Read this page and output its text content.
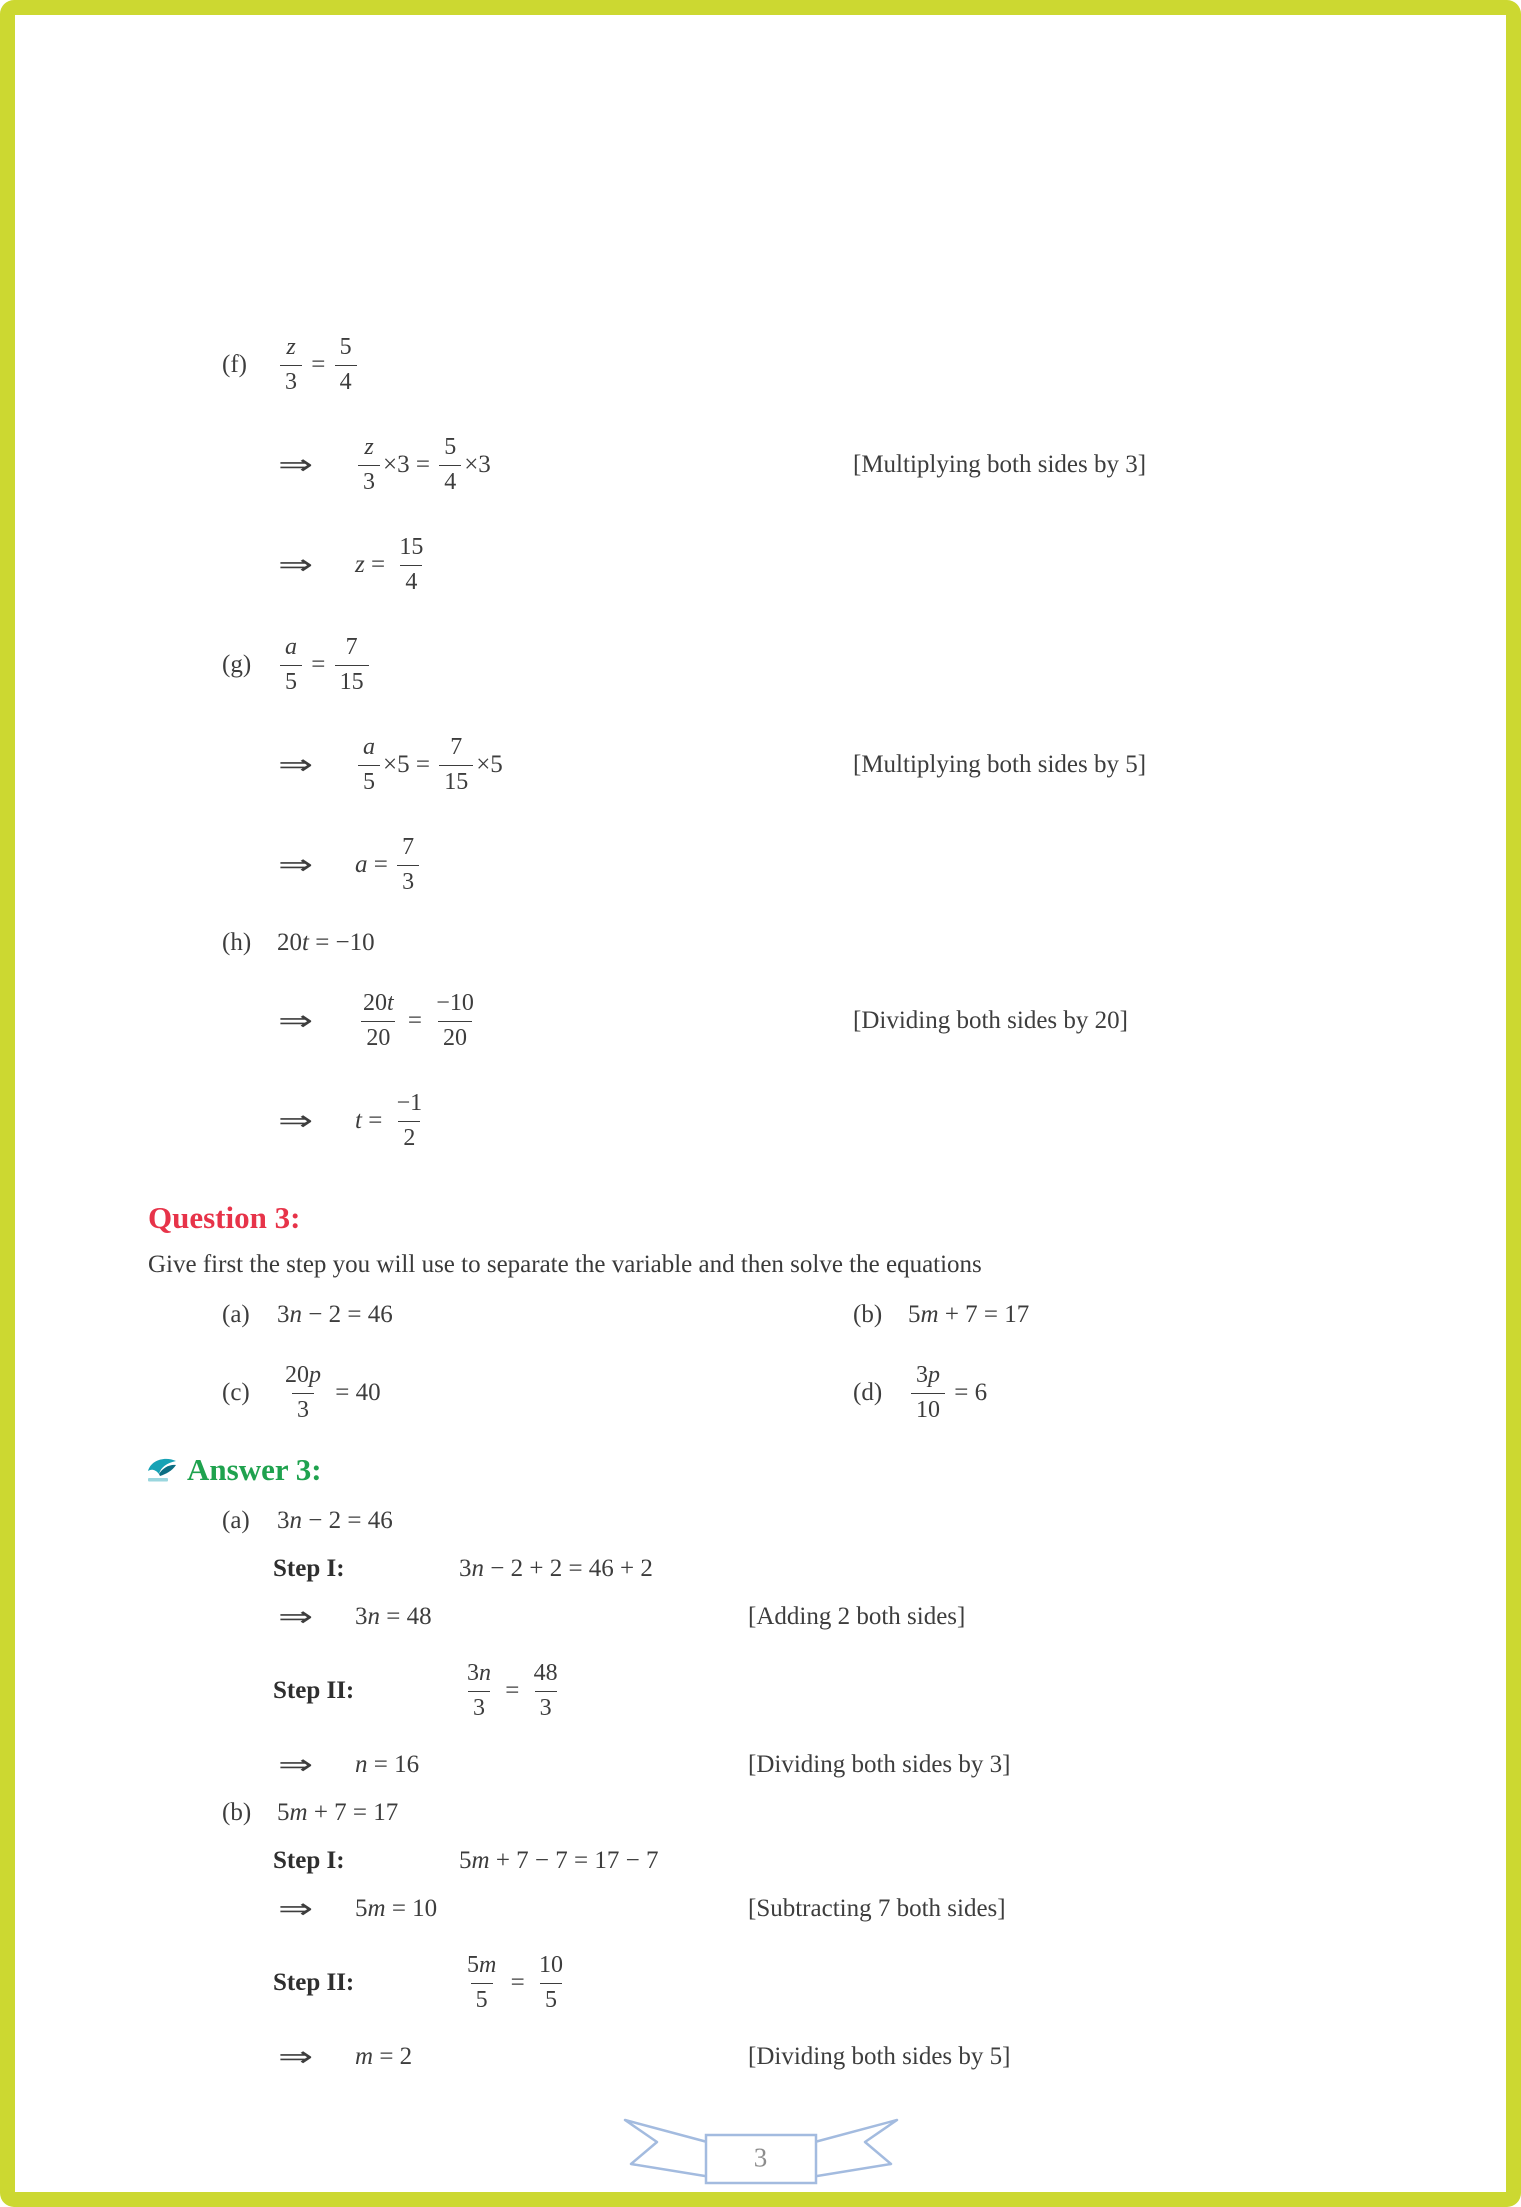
(f)	$\frac{z}{3} = \frac{5}{4}$
⇒	$\frac{z}{3} \times 3 = \frac{5}{4} \times 3$	[Multiplying both sides by 3]
⇒	$z = \frac{15}{4}$
(g)	$\frac{a}{5} = \frac{7}{15}$
⇒	$\frac{a}{5} \times 5 = \frac{7}{15} \times 5$	[Multiplying both sides by 5]
⇒	$a = \frac{7}{3}$
(h)	20 t = −10
⇒	$\frac{20 t}{20} = \frac{-10}{20}$	[Dividing both sides by 20]
⇒	$t = \frac{-1}{2}$
Question 3:
Give first the step you will use to separate the variable and then solve the equations
(a)	3 n − 2 = 46	(b)	5 m + 7 = 17
(c)	$\frac{20 p}{3} = 40$	(d)	$\frac{3 p}{10} = 6$
Answer 3:
(a)	3 n − 2 = 46
Step I:	3 n − 2 + 2 = 46 + 2
⇒	3 n = 48	[Adding 2 both sides]
Step II:	$\frac{3 n}{3} = \frac{48}{3}$
⇒	n = 16	[Dividing both sides by 3]
(b)	5 m + 7 = 17
Step I:	5 m + 7 − 7 = 17 − 7
⇒	5 m = 10	[Subtracting 7 both sides]
Step II:	$\frac{5 m}{5} = \frac{10}{5}$
⇒	m = 2	[Dividing both sides by 5]
3
